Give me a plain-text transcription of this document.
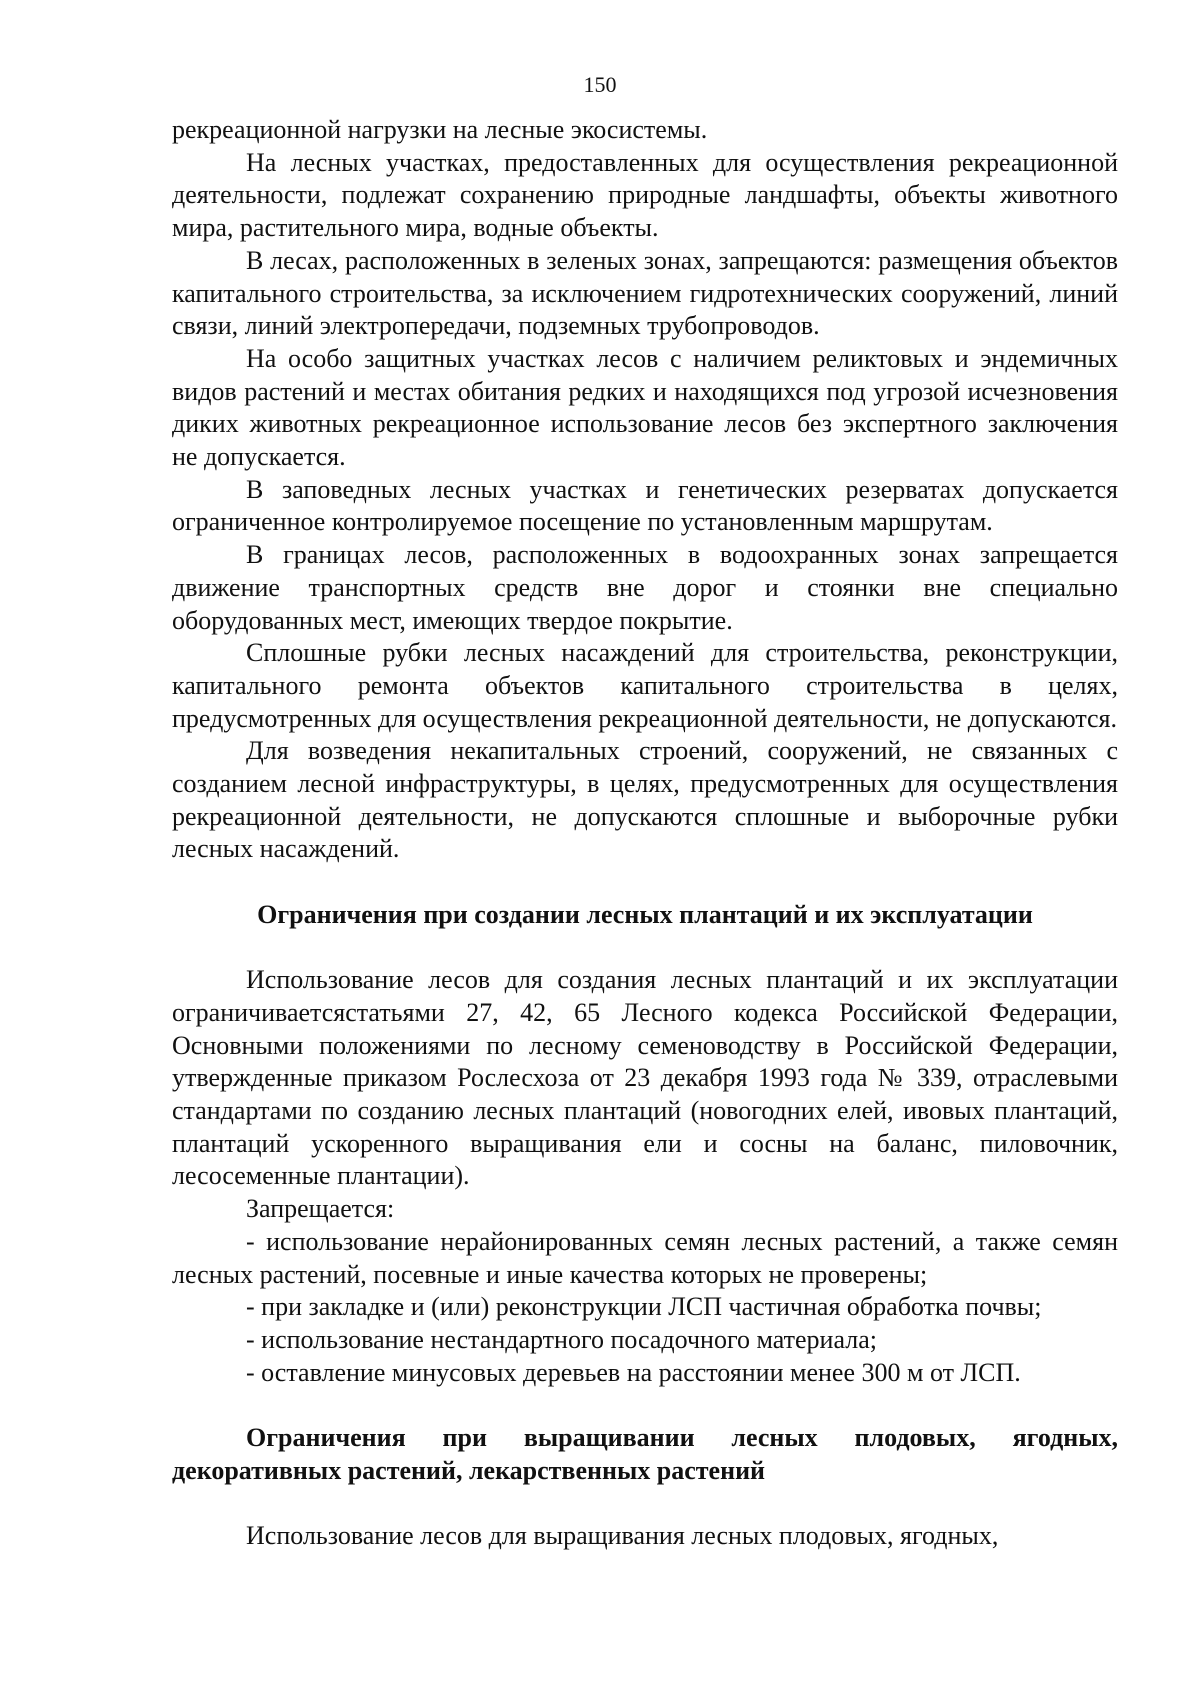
150

рекреационной нагрузки на лесные экосистемы.

На лесных участках, предоставленных для осуществления рекреационной деятельности, подлежат сохранению природные ландшафты, объекты животного мира, растительного мира, водные объекты.

В лесах, расположенных в зеленых зонах, запрещаются: размещения объектов капитального строительства, за исключением гидротехнических сооружений, линий связи, линий электропередачи, подземных трубопроводов.

На особо защитных участках лесов с наличием реликтовых и эндемичных видов растений и местах обитания редких и находящихся под угрозой исчезновения диких животных рекреационное использование лесов без экспертного заключения не допускается.

В заповедных лесных участках и генетических резерватах допускается ограниченное контролируемое посещение по установленным маршрутам.

В границах лесов, расположенных в водоохранных зонах запрещается движение транспортных средств вне дорог и стоянки вне специально оборудованных мест, имеющих твердое покрытие.

Сплошные рубки лесных насаждений для строительства, реконструкции, капитального ремонта объектов капитального строительства в целях, предусмотренных для осуществления рекреационной деятельности, не допускаются.

Для возведения некапитальных строений, сооружений, не связанных с созданием лесной инфраструктуры, в целях, предусмотренных для осуществления рекреационной деятельности, не допускаются сплошные и выборочные рубки лесных насаждений.

Ограничения при создании лесных плантаций и их эксплуатации

Использование лесов для создания лесных плантаций и их эксплуатации ограничиваетсястатьями 27, 42, 65 Лесного кодекса Российской Федерации, Основными положениями по лесному семеноводству в Российской Федерации, утвержденные приказом Рослесхоза от 23 декабря 1993 года № 339, отраслевыми стандартами по созданию лесных плантаций (новогодних елей, ивовых плантаций, плантаций ускоренного выращивания ели и сосны на баланс, пиловочник, лесосеменные плантации).

Запрещается:

- использование нерайонированных семян лесных растений, а также семян лесных растений, посевные и иные качества которых не проверены;

- при закладке и (или) реконструкции ЛСП частичная обработка почвы;

- использование нестандартного посадочного материала;

- оставление минусовых деревьев на расстоянии менее 300 м от ЛСП.

Ограничения при выращивании лесных плодовых, ягодных, декоративных растений, лекарственных растений

Использование лесов для выращивания лесных плодовых, ягодных,
